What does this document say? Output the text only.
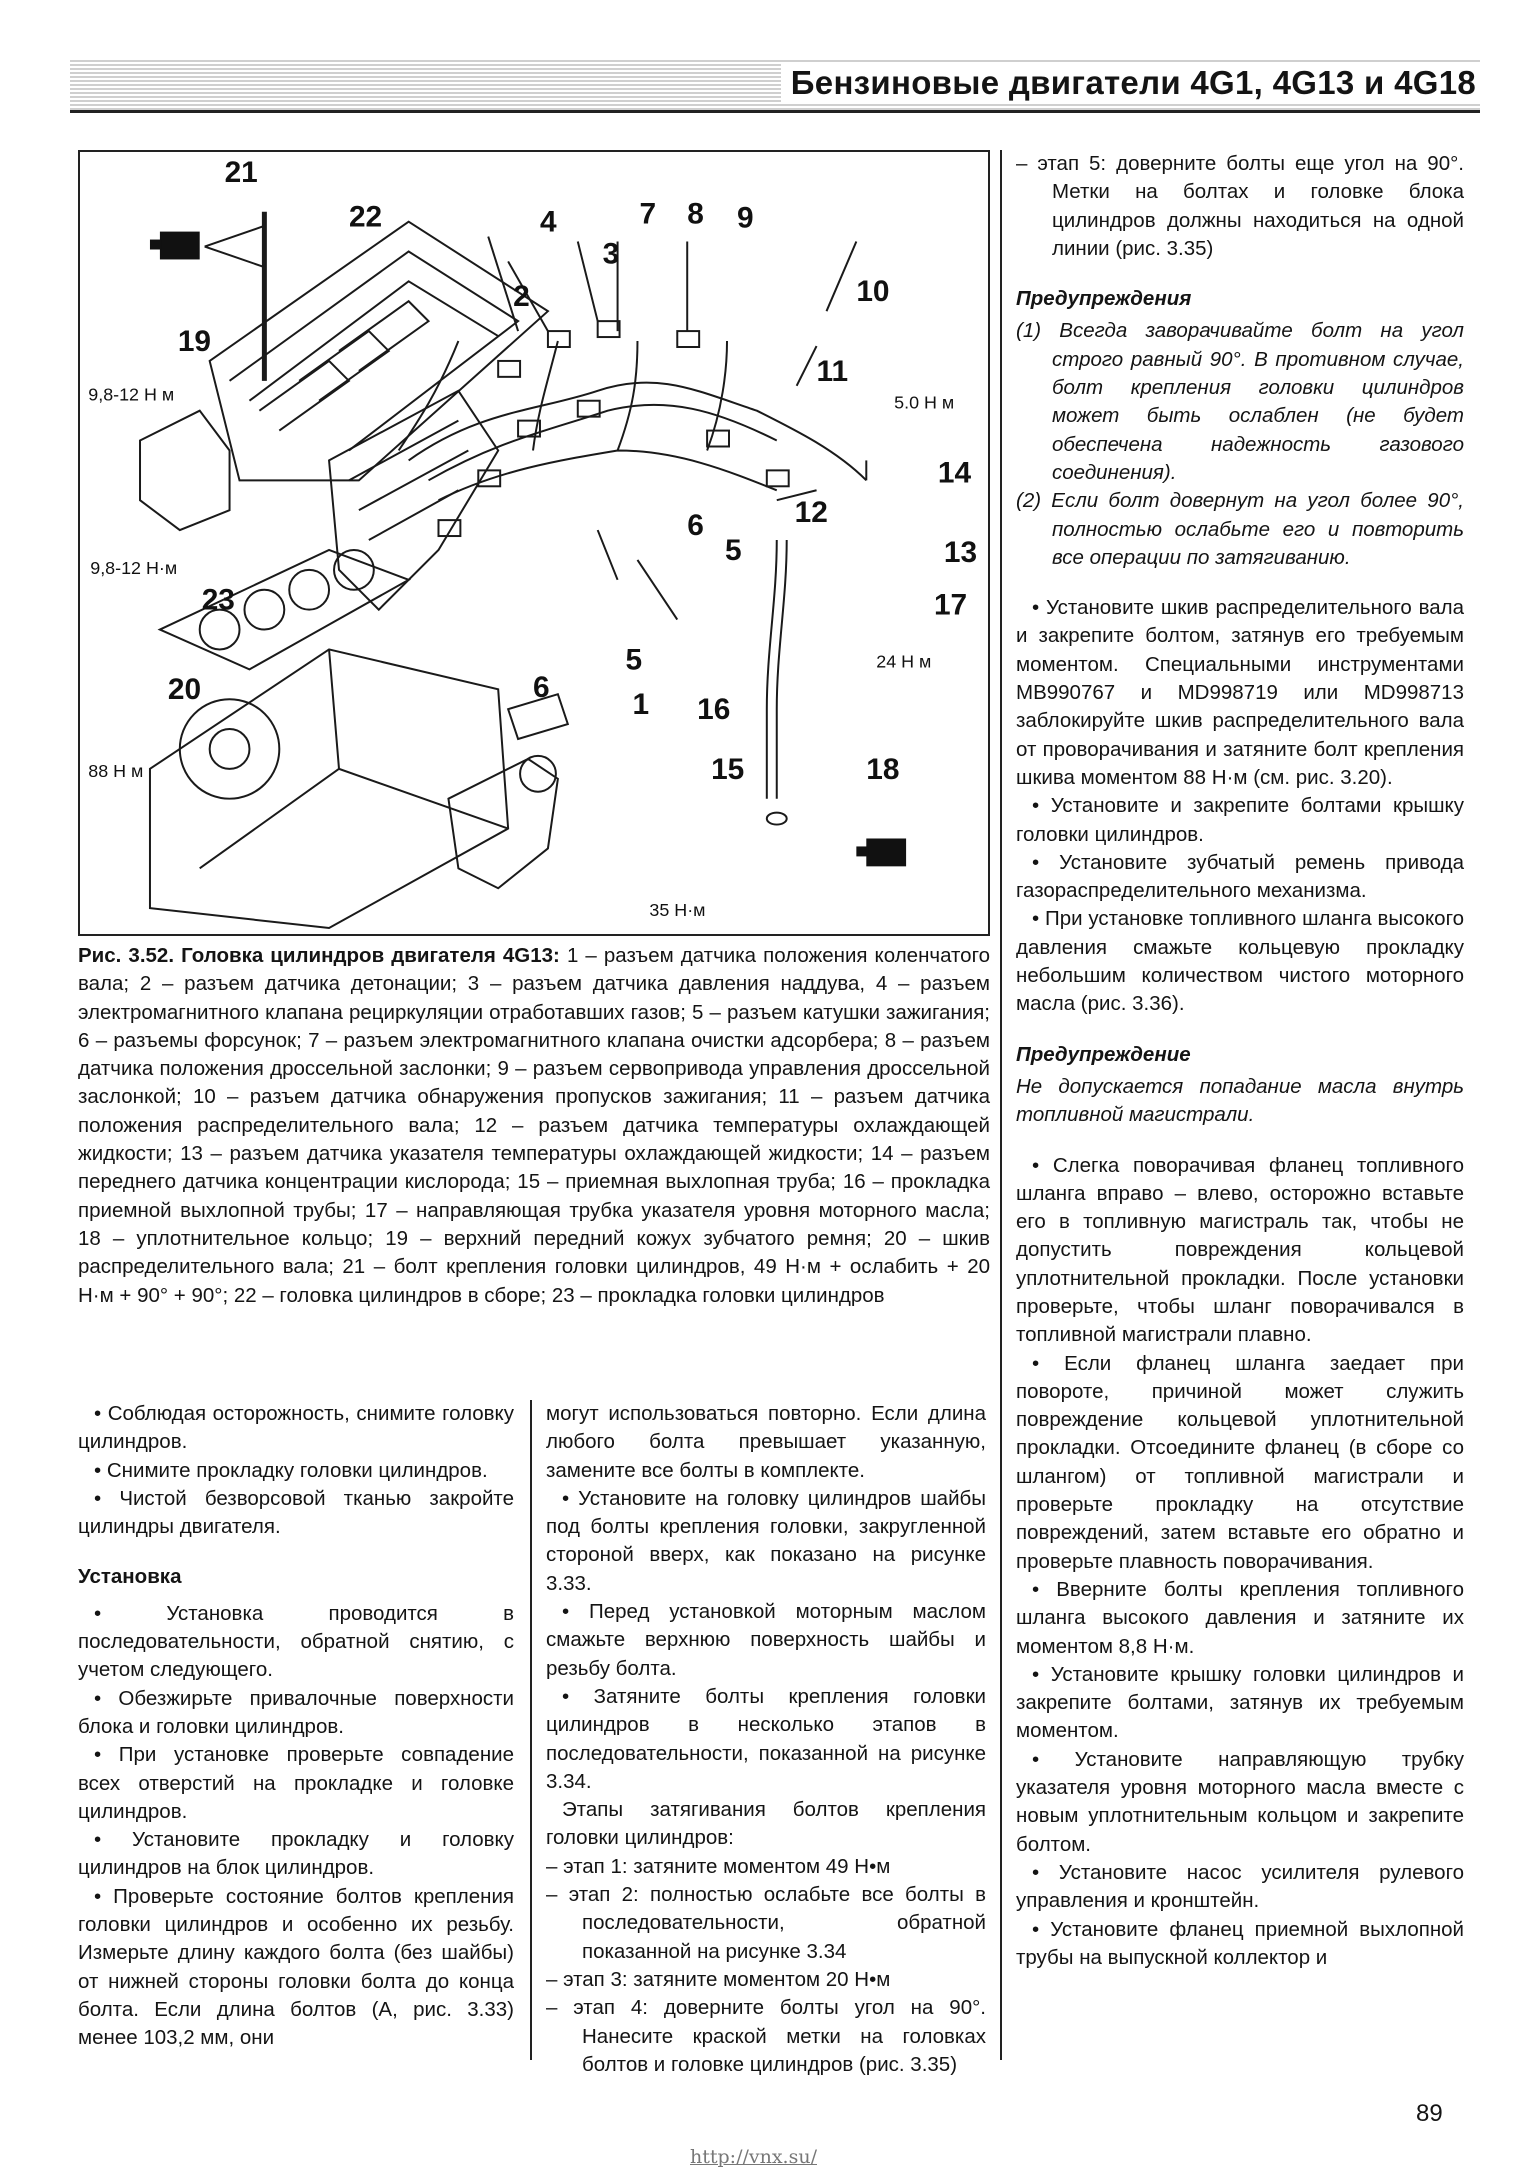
Бензиновые двигатели 4G1, 4G13 и 4G18
1
2
3
4
5
5
6
6
7 8 9
10
11
12
13
14
15
16
17
18
19
20
21
22
23
9,8-12 Н м
9,8-12 Н·м
5.0 Н м
24 Н м
88 Н м
35 Н·м
Рис. 3.52. Головка цилиндров двигателя 4G13: 1 – разъем датчика положения коленчатого вала; 2 – разъем датчика детонации; 3 – разъем датчика давления наддува, 4 – разъем электромагнитного клапана рециркуляции отработавших газов; 5 – разъем катушки зажигания; 6 – разъемы форсунок; 7 – разъем электромагнитного клапана очистки адсорбера; 8 – разъем датчика положения дроссельной заслонки; 9 – разъем сервопривода управления дроссельной заслонкой; 10 – разъем датчика обнаружения пропусков зажигания; 11 – разъем датчика положения распределительного вала; 12 – разъем датчика температуры охлаждающей жидкости; 13 – разъем датчика указателя температуры охлаждающей жидкости; 14 – разъем переднего датчика концентрации кислорода; 15 – приемная выхлопная труба; 16 – прокладка приемной выхлопной трубы; 17 – направляющая трубка указателя уровня моторного масла; 18 – уплотнительное кольцо; 19 – верхний передний кожух зубчатого ремня; 20 – шкив распределительного вала; 21 – болт крепления головки цилиндров, 49 Н·м + ослабить + 20 Н·м + 90° + 90°; 22 – головка цилиндров в сборе; 23 – прокладка головки цилиндров

• Соблюдая осторожность, снимите головку цилиндров.

• Снимите прокладку головки цилиндров.

• Чистой безворсовой тканью закройте цилиндры двигателя.

Установка

• Установка проводится в последовательности, обратной снятию, с учетом следующего.

• Обезжирьте привалочные поверхности блока и головки цилиндров.

• При установке проверьте совпадение всех отверстий на прокладке и головке цилиндров.

• Установите прокладку и головку цилиндров на блок цилиндров.

• Проверьте состояние болтов крепления головки цилиндров и особенно их резьбу. Измерьте длину каждого болта (без шайбы) от нижней стороны головки болта до конца болта. Если длина болтов (А, рис. 3.33) менее 103,2 мм, они

могут использоваться повторно. Если длина любого болта превышает указанную, замените все болты в комплекте.

• Установите на головку цилиндров шайбы под болты крепления головки, закругленной стороной вверх, как показано на рисунке 3.33.

• Перед установкой моторным маслом смажьте верхнюю поверхность шайбы и резьбу болта.

• Затяните болты крепления головки цилиндров в несколько этапов в последовательности, показанной на рисунке 3.34.

Этапы затягивания болтов крепления головки цилиндров:

– этап 1: затяните моментом 49 Н•м

– этап 2: полностью ослабьте все болты в последовательности, обратной показанной на рисунке 3.34

– этап 3: затяните моментом 20 Н•м

– этап 4: доверните болты угол на 90°. Нанесите краской метки на головках болтов и головке цилиндров (рис. 3.35)

– этап 5: доверните болты еще угол на 90°. Метки на болтах и головке блока цилиндров должны находиться на одной линии (рис. 3.35)

Предупреждения

(1) Всегда заворачивайте болт на угол строго равный 90°. В противном случае, болт крепления головки цилиндров может быть ослаблен (не будет обеспечена надежность газового соединения).

(2) Если болт довернут на угол более 90°, полностью ослабьте его и повторить все операции по затягиванию.

• Установите шкив распределительного вала и закрепите болтом, затянув его требуемым моментом. Специальными инструментами MB990767 и MD998719 или MD998713 заблокируйте шкив распределительного вала от проворачивания и затяните болт крепления шкива моментом 88 Н·м (см. рис. 3.20).

• Установите и закрепите болтами крышку головки цилиндров.

• Установите зубчатый ремень привода газораспределительного механизма.

• При установке топливного шланга высокого давления смажьте кольцевую прокладку небольшим количеством чистого моторного масла (рис. 3.36).

Предупреждение

Не допускается попадание масла внутрь топливной магистрали.

• Слегка поворачивая фланец топливного шланга вправо – влево, осторожно вставьте его в топливную магистраль так, чтобы не допустить повреждения кольцевой уплотнительной прокладки. После установки проверьте, чтобы шланг поворачивался в топливной магистрали плавно.

• Если фланец шланга заедает при повороте, причиной может служить повреждение кольцевой уплотнительной прокладки. Отсоедините фланец (в сборе со шлангом) от топливной магистрали и проверьте прокладку на отсутствие повреждений, затем вставьте его обратно и проверьте плавность поворачивания.

• Вверните болты крепления топливного шланга высокого давления и затяните их моментом 8,8 Н·м.

• Установите крышку головки цилиндров и закрепите болтами, затянув их требуемым моментом.

• Установите направляющую трубку указателя уровня моторного масла вместе с новым уплотнительным кольцом и закрепите болтом.

• Установите насос усилителя рулевого управления и кронштейн.

• Установите фланец приемной выхлопной трубы на выпускной коллектор и

89
http://vnx.su/
